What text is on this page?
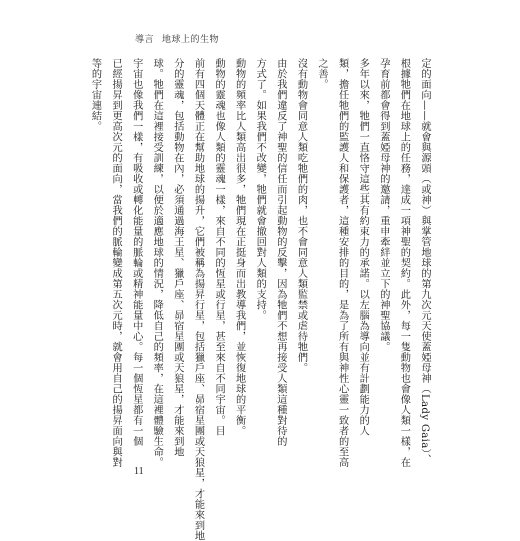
導言 地球上的生物
定的面向——就會與源頭（或神）與掌管地球的第九次元天使蓋婭母神（Lady Gaia）、
根據牠們在地球上的任務，達成一項神聖的契約。此外，每一隻動物也會像人類一樣，在
孕育前都會得到蓋婭母神的邀請，重申牽絆並立下的神聖協議。
多年以來，牠們一直恪守這些其有約束力的承諾。以左腦為導向並有計劃能力的人
類，擔任牠們的監護人和保護者，這種安排的目的，是為了所有與神性心靈一致者的至高
之善。
沒有動物會同意人類吃牠們的肉，也不會同意人類監禁或虐待牠們。
由於我們違反了神聖的信任而引起動物的反擊，因為牠們不想再接受人類這種對待的
方式了。如果我們不改變，牠們就會撤回對人類的支持。
動物的頻率比人類高出很多，牠們現在正挺身而出教導我們，並恢復地球的平衡。
動物的靈魂也像人類的靈魂一樣，來自不同的恆星或行星，甚至來自不同宇宙。目
前有四個天體正在幫助地球的揚升，它們被稱為揚昇行星，包括獵戶座、昴宿星團或天狼星，才能來到地
分的靈魂，包括動物在內，必須通過海王星、獵戶座、昴宿星團或天狼星，才能來到地
球。牠們在這裡接受訓練，以便於適應地球的情況，降低自己的頻率，在這裡體驗生命。
宇宙也像我們一樣，有吸收或轉化能量的脈輪或精神能量中心。每一個恆星都有一個
已經揚昇到更高次元的面向，當我們的脈輪變成第五次元時，就會用自己的揚昇面向與對
等的宇宙連結。
11
